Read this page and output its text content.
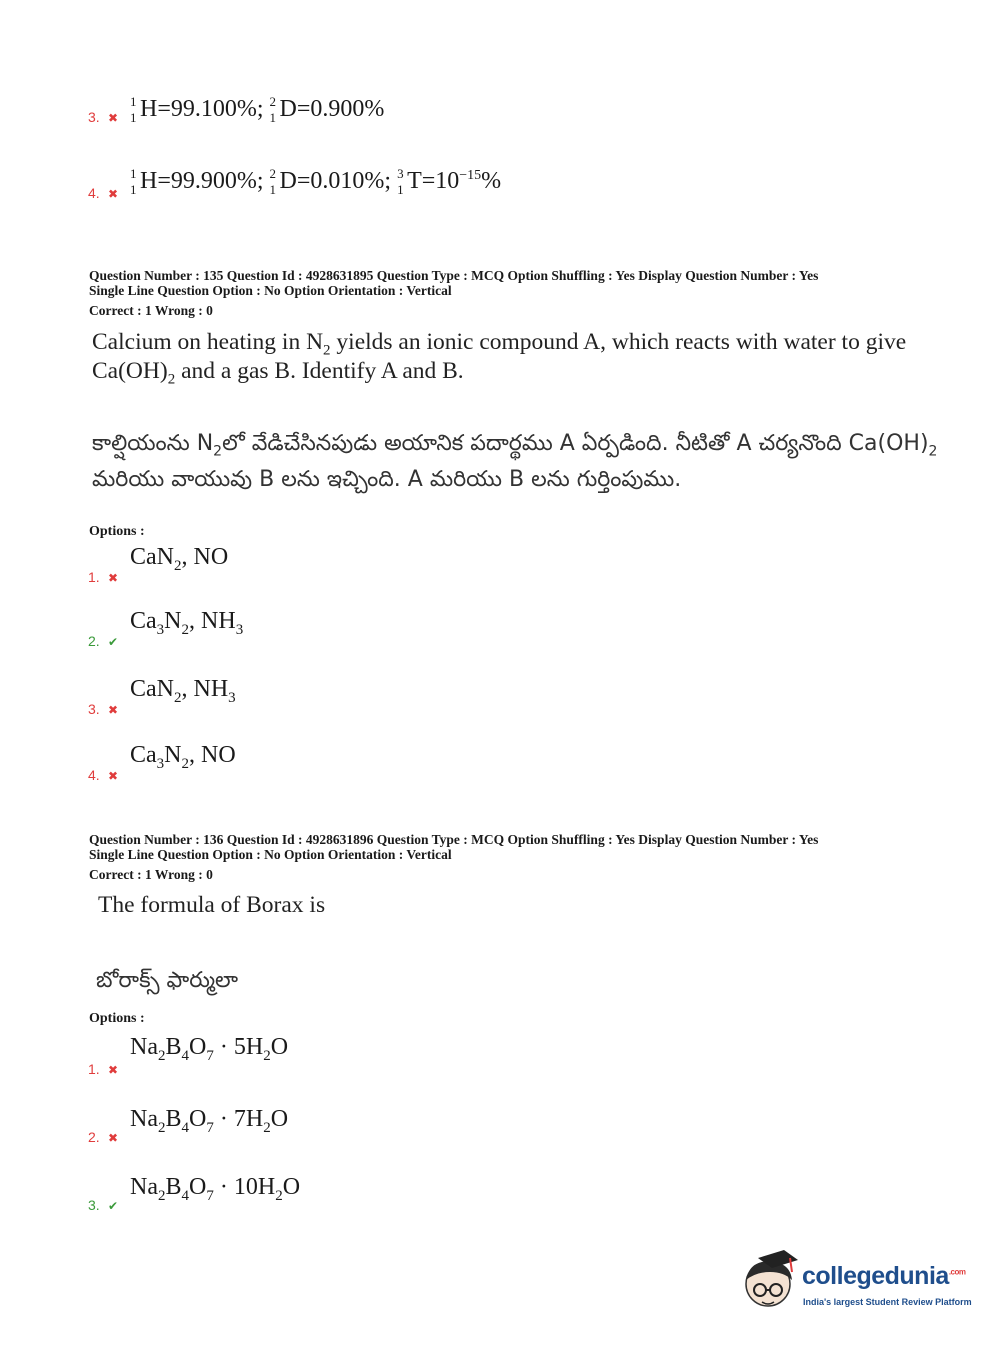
3. ✖
1
1 H=99.100%; 2
1 D=0.900%
4. ✖
1
1 H=99.900%; 2
1 D=0.010%; 3
1 $T=10^{-15}\%$
Question Number : 135 Question Id : 4928631895 Question Type : MCQ Option Shuffling : Yes Display Question Number : Yes
Single Line Question Option : No Option Orientation : Vertical
Correct : 1 Wrong : 0
Calcium on heating in $N_2$ yields an ionic compound A, which reacts with water to give
$Ca(OH)_2$ and a gas B. Identify A and B.
కాల్షియంను $N_2లో$ వేడిచేసినపుడు అయానిక పదార్థము A ఏర్పడింది. నీటితో A చర్యనొంది $Ca(OH)_2$
మరియు వాయువు B లను ఇచ్చింది. A మరియు B లను గుర్తింపుము.
Options :
1. ✖
CaN$_2$, NO
2. ✔
$Ca_3N_2$, $NH_3$
3. ✖
CaN$_2$, $NH_3$
4. ✖
$Ca_3N_2$, NO
Question Number : 136 Question Id : 4928631896 Question Type : MCQ Option Shuffling : Yes Display Question Number : Yes
Single Line Question Option : No Option Orientation : Vertical
Correct : 1 Wrong : 0
The formula of Borax is
బోరాక్స్ ఫార్ములా
Options :
1. ✖
$Na_2B_4O_7 \cdot 5H_2O$
2. ✖
$Na_2B_4O_7 \cdot 7H_2O$
3. ✔
$Na_2B_4O_7 \cdot 10H_2O$
collegedunia$^{.com}$
India's largest Student Review Platform
